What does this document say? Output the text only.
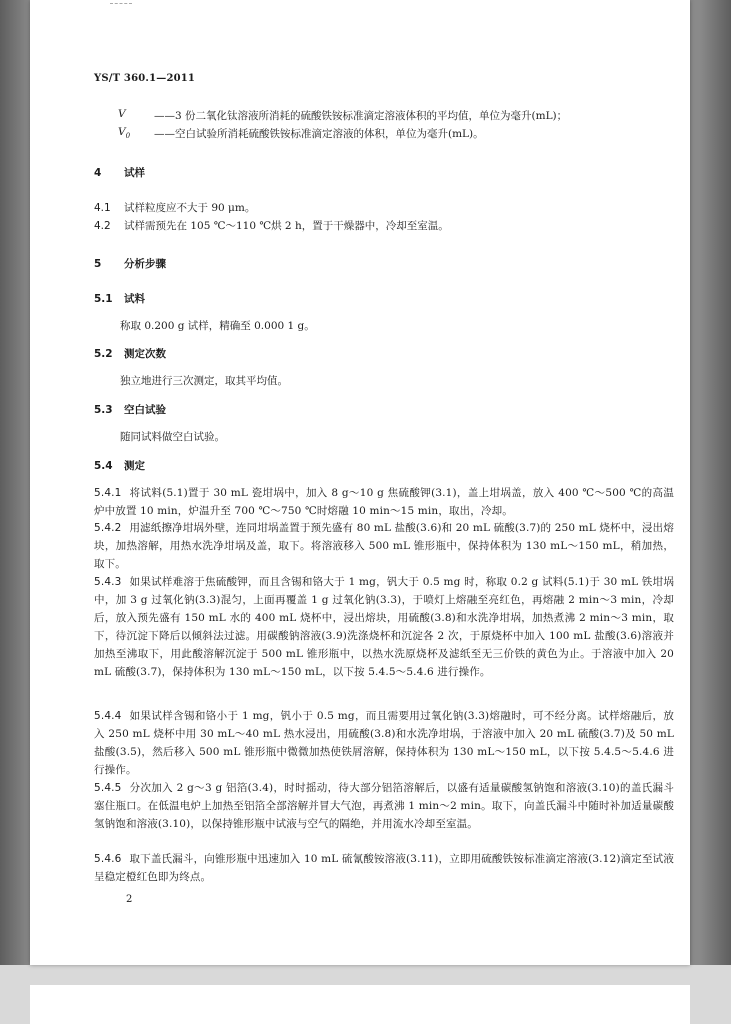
YS/T 360.1—2011
V	——3 份二氧化钛溶液所消耗的硫酸铁铵标准滴定溶液体积的平均值，单位为毫升(mL)；
$V_0$ ——空白试验所消耗硫酸铁铵标准滴定溶液的体积，单位为毫升(mL)。
4 试样
4.1 试样粒度应不大于 90 μm。
4.2 试样需预先在 105 ℃～110 ℃烘 2 h，置于干燥器中，冷却至室温。
5 分析步骤
5.1 试料
称取 0.200 g 试样，精确至 0.000 1 g。
5.2 测定次数
独立地进行三次测定，取其平均值。
5.3 空白试验
随同试料做空白试验。
5.4 测定
5.4.1 将试料(5.1)置于 30 mL 瓷坩埚中，加入 8 g～10 g 焦硫酸钾(3.1)，盖上坩埚盖，放入 400 ℃～500 ℃的高温炉中放置 10 min，炉温升至 700 ℃～750 ℃时熔融 10 min～15 min，取出，冷却。
5.4.2 用滤纸擦净坩埚外壁，连同坩埚盖置于预先盛有 80 mL 盐酸(3.6)和 20 mL 硫酸(3.7)的 250 mL 烧杯中，浸出熔块，加热溶解，用热水洗净坩埚及盖，取下。将溶液移入 500 mL 锥形瓶中，保持体积为 130 mL～150 mL，稍加热，取下。
5.4.3 如果试样难溶于焦硫酸钾，而且含锡和铬大于 1 mg，钒大于 0.5 mg 时，称取 0.2 g 试料(5.1)于 30 mL 铁坩埚中，加 3 g 过氧化钠(3.3)混匀，上面再覆盖 1 g 过氧化钠(3.3)，于喷灯上熔融至亮红色，再熔融 2 min～3 min，冷却后，放入预先盛有 150 mL 水的 400 mL 烧杯中，浸出熔块，用硫酸(3.8)和水洗净坩埚，加热煮沸 2 min～3 min，取下，待沉淀下降后以倾斜法过滤。用碳酸钠溶液(3.9)洗涤烧杯和沉淀各 2 次，于原烧杯中加入 100 mL 盐酸(3.6)溶液并加热至沸取下，用此酸溶解沉淀于 500 mL 锥形瓶中，以热水洗原烧杯及滤纸至无三价铁的黄色为止。于溶液中加入 20 mL 硫酸(3.7)，保持体积为 130 mL～150 mL，以下按 5.4.5～5.4.6 进行操作。
5.4.4 如果试样含锡和铬小于 1 mg，钒小于 0.5 mg，而且需要用过氧化钠(3.3)熔融时，可不经分离。试样熔融后，放入 250 mL 烧杯中用 30 mL～40 mL 热水浸出，用硫酸(3.8)和水洗净坩埚，于溶液中加入 20 mL 硫酸(3.7)及 50 mL 盐酸(3.5)，然后移入 500 mL 锥形瓶中微微加热使铁屑溶解，保持体积为 130 mL～150 mL，以下按 5.4.5～5.4.6 进行操作。
5.4.5 分次加入 2 g～3 g 铝箔(3.4)，时时摇动，待大部分铝箔溶解后，以盛有适量碳酸氢钠饱和溶液(3.10)的盖氏漏斗塞住瓶口。在低温电炉上加热至铝箔全部溶解并冒大气泡，再煮沸 1 min～2 min。取下，向盖氏漏斗中随时补加适量碳酸氢钠饱和溶液(3.10)，以保持锥形瓶中试液与空气的隔绝，并用流水冷却至室温。
5.4.6 取下盖氏漏斗，向锥形瓶中迅速加入 10 mL 硫氰酸铵溶液(3.11)，立即用硫酸铁铵标准滴定溶液(3.12)滴定至试液呈稳定橙红色即为终点。
2
